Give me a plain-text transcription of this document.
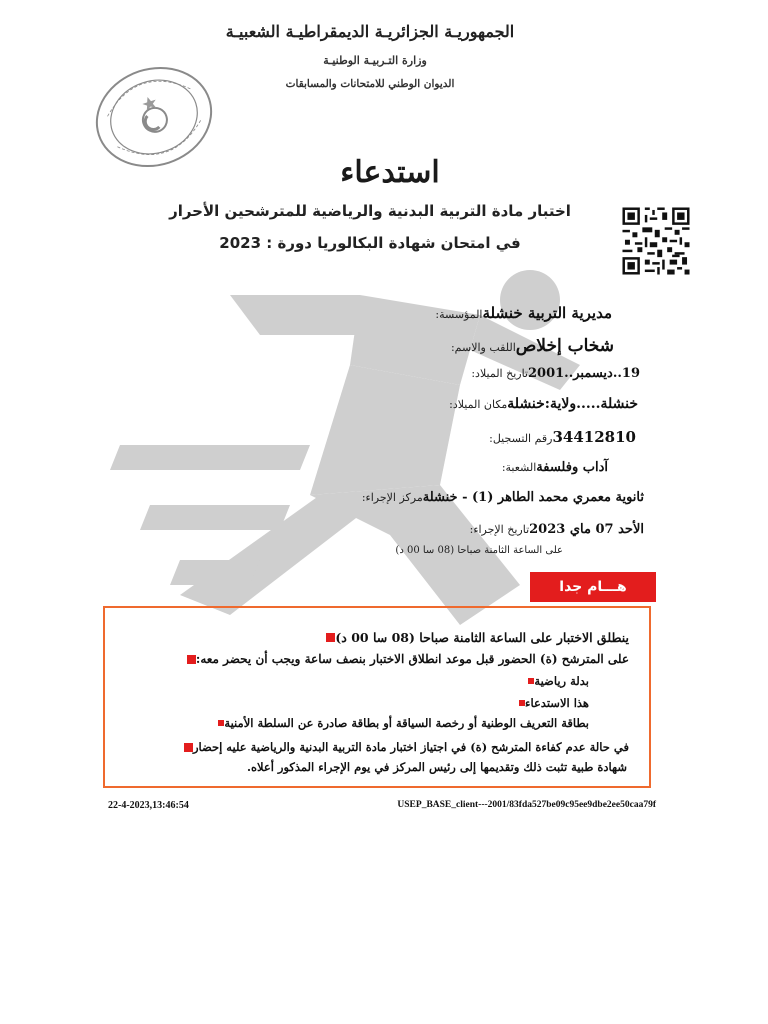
الجمهوريـة الجزائريـة الديمقراطيـة الشعبيـة
وزارة التـربيـة الوطنيـة
الديوان الوطني للامتحانات والمسابقات
استدعاء
اختبار مادة التربية البدنية والرياضية للمترشحين الأحرار
في امتحان شهادة البكالوريا دورة : 2023
المؤسسة: مديرية التربية خنشلة
اللقب والاسم: شخاب إخلاص
تاريخ الميلاد: 19..ديسمبر..2001
مكان الميلاد: خنشلة.....ولاية:خنشلة
رقم التسجيل: 34412810
الشعبة: آداب وفلسفة
مركز الإجراء: ثانوية معمري محمد الطاهر (1) - خنشلة
تاريخ الإجراء: الأحد 07 ماي 2023
على الساعة الثامنة صباحا (08 سا 00 د)
هـــام جدا
ينطلق الاختبار على الساعة الثامنة صباحا (08 سا 00 د)
على المترشح (ة) الحضور قبل موعد انطلاق الاختبار بنصف ساعة ويجب أن يحضر معه:
بدلة رياضية
هذا الاستدعاء
بطاقة التعريف الوطنية أو رخصة السياقة أو بطاقة صادرة عن السلطة الأمنية
في حالة عدم كفاءة المترشح (ة) في اجتياز اختبار مادة التربية البدنية والرياضية عليه إحضار
شهادة طبية تثبت ذلك وتقديمها إلى رئيس المركز في يوم الإجراء المذكور أعلاه.
22-4-2023,13:46:54	USEP_BASE_client---2001/83fda527be09c95ee9dbe2ee50caa79f
